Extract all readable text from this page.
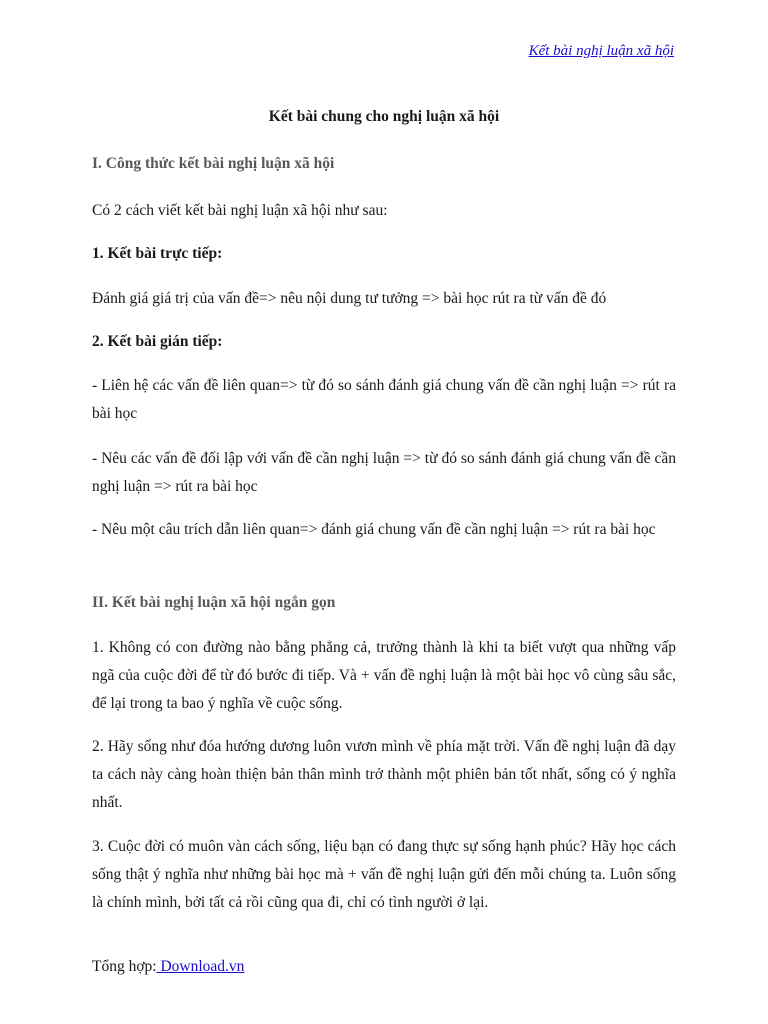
Kết bài nghị luận xã hội
Kết bài chung cho nghị luận xã hội
I. Công thức kết bài nghị luận xã hội

Có 2 cách viết kết bài nghị luận xã hội như sau:

1. Kết bài trực tiếp:

Đánh giá giá trị của vấn đề=> nêu nội dung tư tưởng => bài học rút ra từ vấn đề đó

2. Kết bài gián tiếp:

- Liên hệ các vấn đề liên quan=> từ đó so sánh đánh giá chung vấn đề cần nghị luận => rút ra bài học

- Nêu các vấn đề đối lập với vấn đề cần nghị luận => từ đó so sánh đánh giá chung vấn đề cần nghị luận => rút ra bài học

- Nêu một câu trích dẫn liên quan=> đánh giá chung vấn đề cần nghị luận => rút ra bài học

II. Kết bài nghị luận xã hội ngắn gọn

1. Không có con đường nào bằng phẳng cả, trưởng thành là khi ta biết vượt qua những vấp ngã của cuộc đời để từ đó bước đi tiếp. Và + vấn đề nghị luận là một bài học vô cùng sâu sắc, để lại trong ta bao ý nghĩa về cuộc sống.

2. Hãy sống như đóa hướng dương luôn vươn mình về phía mặt trời. Vấn đề nghị luận đã dạy ta cách này càng hoàn thiện bản thân mình trở thành một phiên bản tốt nhất, sống có ý nghĩa nhất.

3. Cuộc đời có muôn vàn cách sống, liệu bạn có đang thực sự sống hạnh phúc? Hãy học cách sống thật ý nghĩa như những bài học mà + vấn đề nghị luận gửi đến mỗi chúng ta. Luôn sống là chính mình, bởi tất cả rồi cũng qua đi, chỉ có tình người ở lại.

Tổng hợp: Download.vn
